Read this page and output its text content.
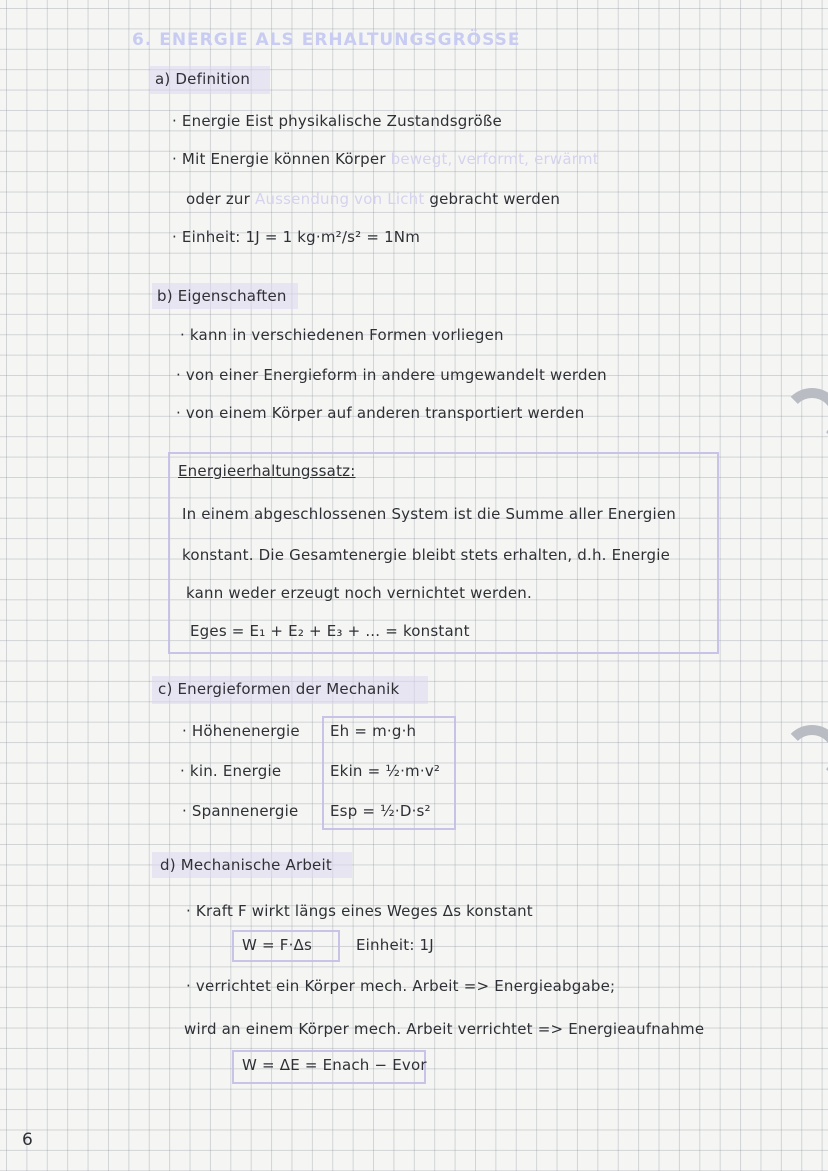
6. ENERGIE ALS ERHALTUNGSGRÖSSE
a) Definition
· Energie Eist physikalische Zustandsgröße
· Mit Energie können Körper bewegt, verformt, erwärmt
oder zur Aussendung von Licht gebracht werden
· Einheit: 1J = 1 kg·m²/s² = 1Nm
b) Eigenschaften
· kann in verschiedenen Formen vorliegen
· von einer Energieform in andere umgewandelt werden
· von einem Körper auf anderen transportiert werden
Energieerhaltungssatz:
In einem abgeschlossenen System ist die Summe aller Energien
konstant. Die Gesamtenergie bleibt stets erhalten, d.h. Energie
kann weder erzeugt noch vernichtet werden.
Eges = E₁ + E₂ + E₃ + ... = konstant
c) Energieformen der Mechanik
· Höhenenergie Eh = m·g·h
· kin. Energie	Ekin = ½·m·v²
· Spannenergie Esp = ½·D·s²
d) Mechanische Arbeit
· Kraft F wirkt längs eines Weges Δs konstant
W = F·Δs	Einheit: 1J
· verrichtet ein Körper mech. Arbeit => Energieabgabe;
wird an einem Körper mech. Arbeit verrichtet => Energieaufnahme
W = ΔE = Enach − Evor
6
